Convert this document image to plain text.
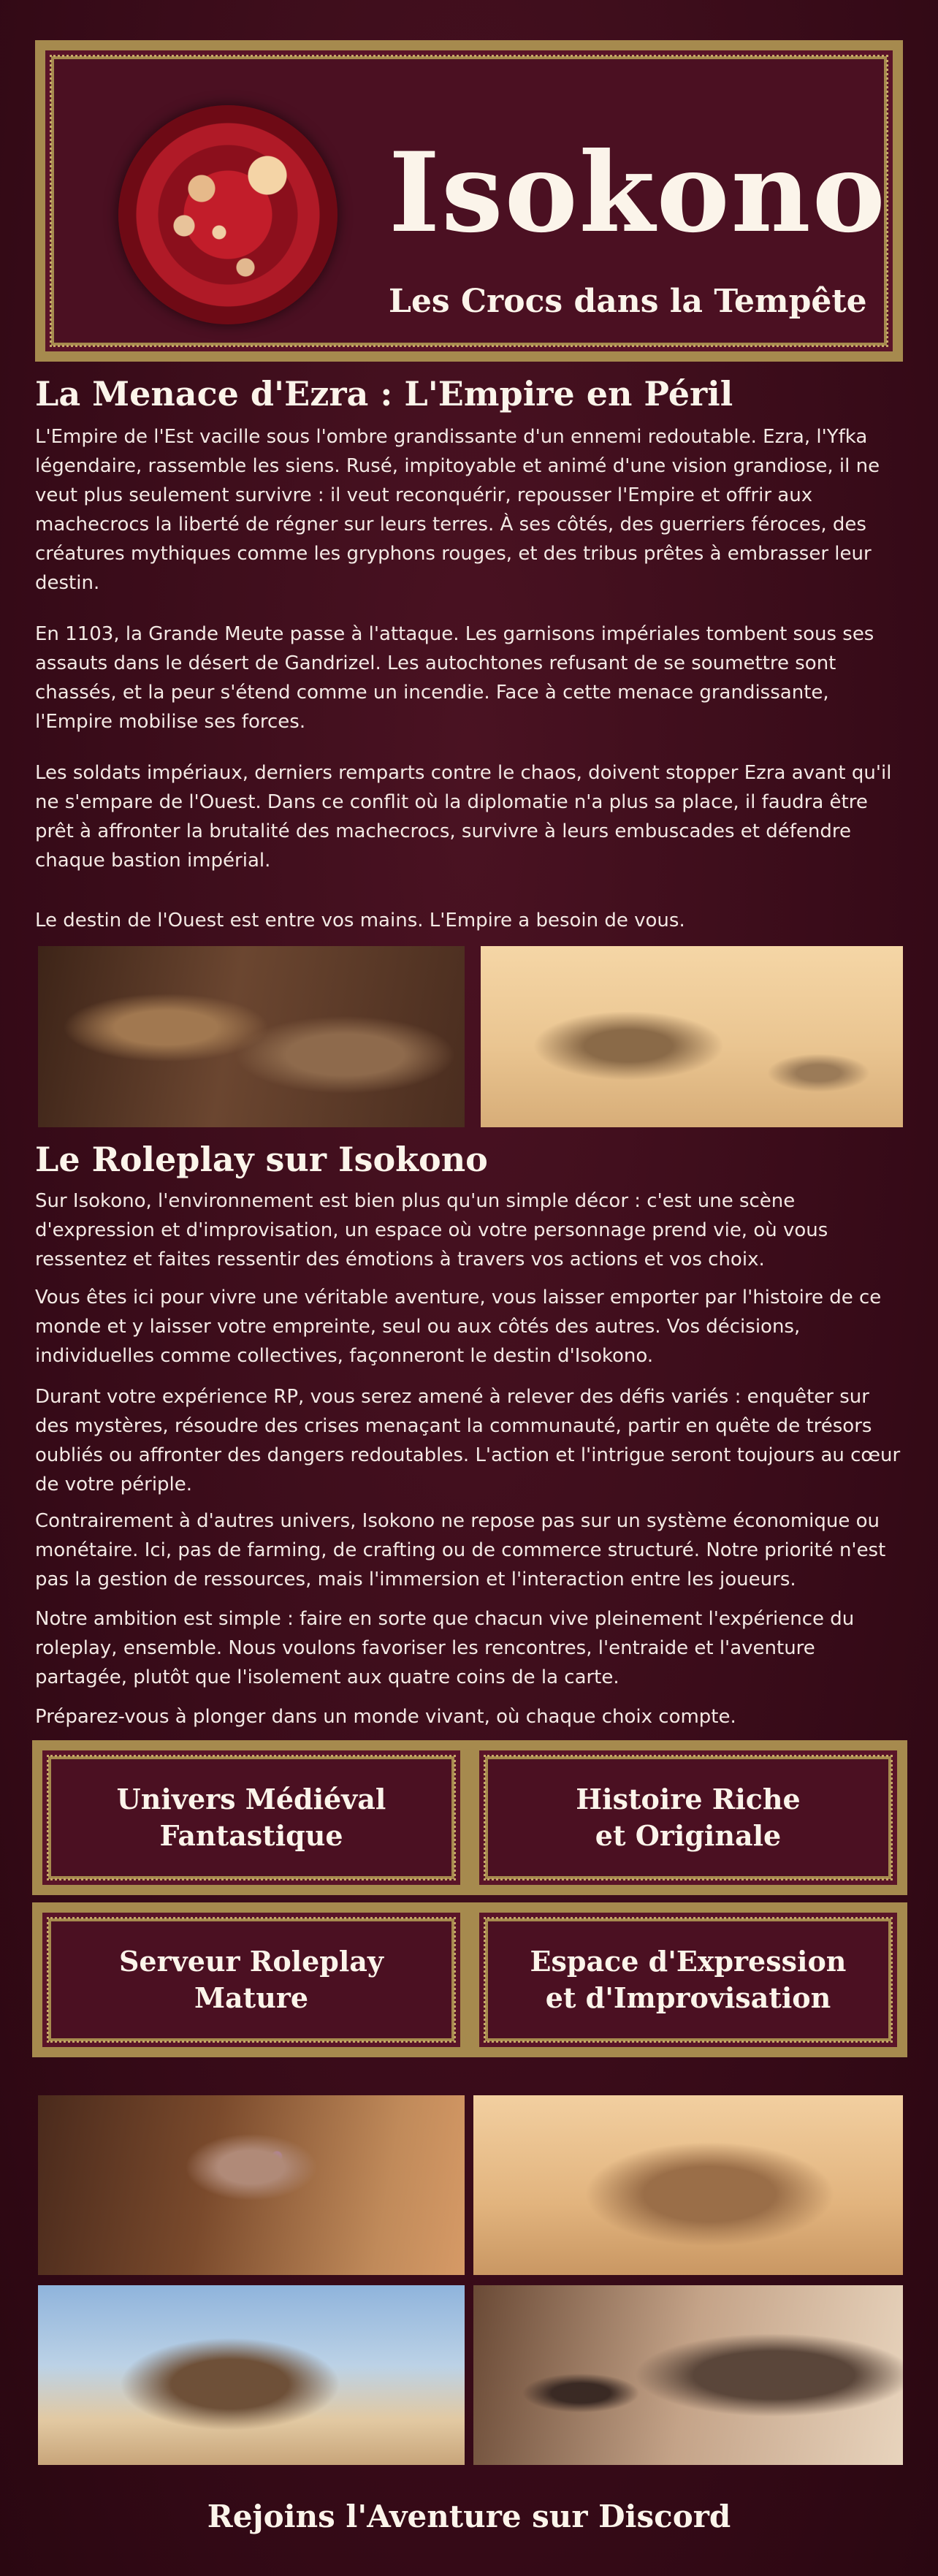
Isokono
Les Crocs dans la Tempête
La Menace d'Ezra : L'Empire en Péril

L'Empire de l'Est vacille sous l'ombre grandissante d'un ennemi redoutable. Ezra, l'Yfka légendaire, rassemble les siens. Rusé, impitoyable et animé d'une vision grandiose, il ne veut plus seulement survivre : il veut reconquérir, repousser l'Empire et offrir aux machecrocs la liberté de régner sur leurs terres. À ses côtés, des guerriers féroces, des créatures mythiques comme les gryphons rouges, et des tribus prêtes à embrasser leur destin.

En 1103, la Grande Meute passe à l'attaque. Les garnisons impériales tombent sous ses assauts dans le désert de Gandrizel. Les autochtones refusant de se soumettre sont chassés, et la peur s'étend comme un incendie. Face à cette menace grandissante, l'Empire mobilise ses forces.

Les soldats impériaux, derniers remparts contre le chaos, doivent stopper Ezra avant qu'il ne s'empare de l'Ouest. Dans ce conflit où la diplomatie n'a plus sa place, il faudra être prêt à affronter la brutalité des machecrocs, survivre à leurs embuscades et défendre chaque bastion impérial.

Le destin de l'Ouest est entre vos mains. L'Empire a besoin de vous.

Le Roleplay sur Isokono

Sur Isokono, l'environnement est bien plus qu'un simple décor : c'est une scène d'expression et d'improvisation, un espace où votre personnage prend vie, où vous ressentez et faites ressentir des émotions à travers vos actions et vos choix.

Vous êtes ici pour vivre une véritable aventure, vous laisser emporter par l'histoire de ce monde et y laisser votre empreinte, seul ou aux côtés des autres. Vos décisions, individuelles comme collectives, façonneront le destin d'Isokono.

Durant votre expérience RP, vous serez amené à relever des défis variés : enquêter sur des mystères, résoudre des crises menaçant la communauté, partir en quête de trésors oubliés ou affronter des dangers redoutables. L'action et l'intrigue seront toujours au cœur de votre périple.

Contrairement à d'autres univers, Isokono ne repose pas sur un système économique ou monétaire. Ici, pas de farming, de crafting ou de commerce structuré. Notre priorité n'est pas la gestion de ressources, mais l'immersion et l'interaction entre les joueurs.

Notre ambition est simple : faire en sorte que chacun vive pleinement l'expérience du roleplay, ensemble. Nous voulons favoriser les rencontres, l'entraide et l'aventure partagée, plutôt que l'isolement aux quatre coins de la carte.

Préparez-vous à plonger dans un monde vivant, où chaque choix compte.

Univers Médiéval
Fantastique
Histoire Riche
et Originale
Serveur Roleplay
Mature
Espace d'Expression
et d'Improvisation
Rejoins l'Aventure sur Discord
